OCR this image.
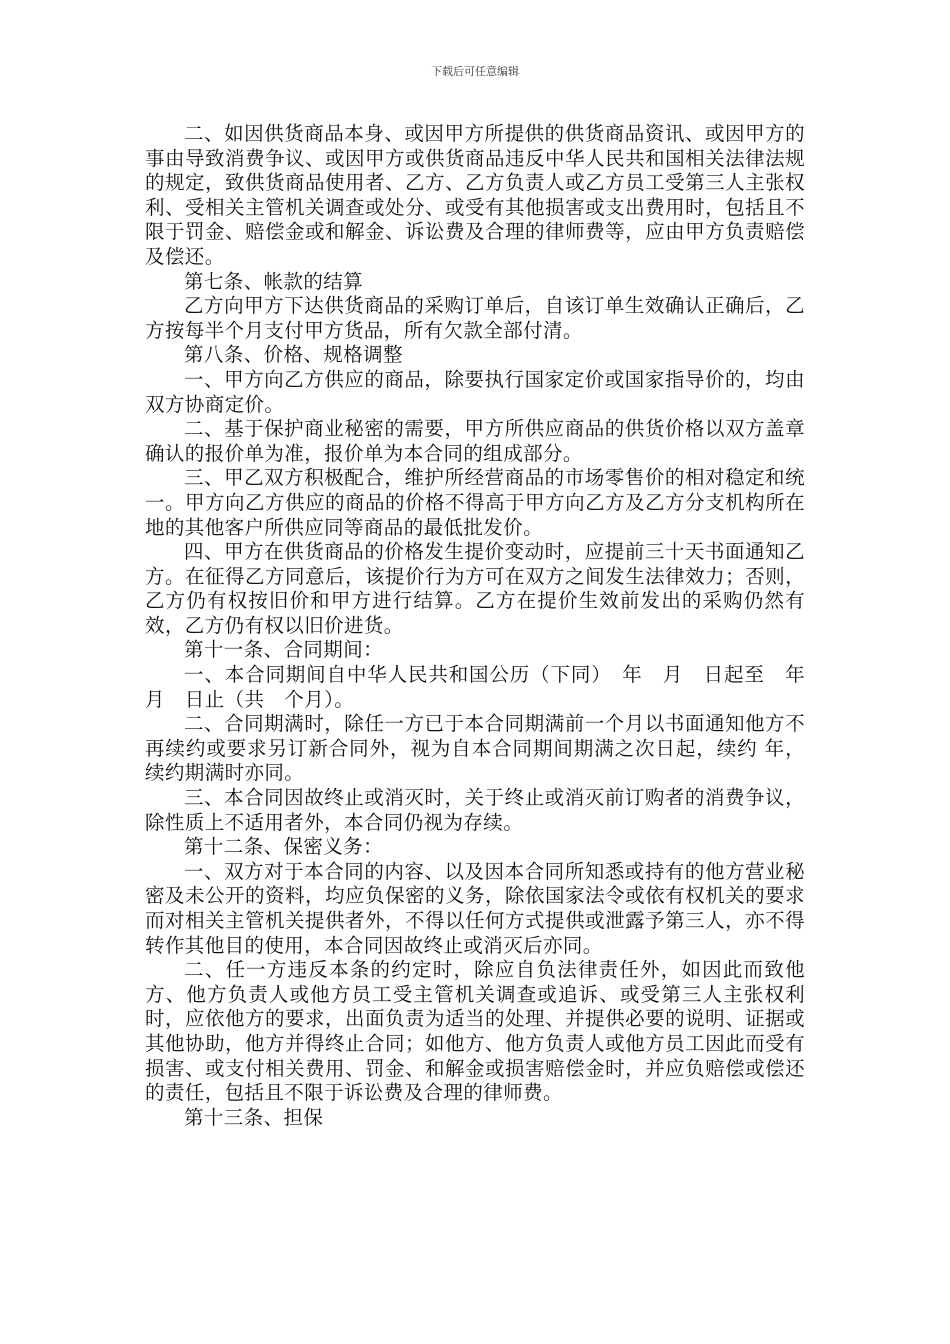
下载后可任意编辑

二、如因供货商品本身、或因甲方所提供的供货商品资讯、或因甲方的事由导致消费争议、或因甲方或供货商品违反中华人民共和国相关法律法规的规定，致供货商品使用者、乙方、乙方负责人或乙方员工受第三人主张权利、受相关主管机关调查或处分、或受有其他损害或支出费用时，包括且不限于罚金、赔偿金或和解金、诉讼费及合理的律师费等，应由甲方负责赔偿及偿还。

第七条、帐款的结算

乙方向甲方下达供货商品的采购订单后，自该订单生效确认正确后，乙方按每半个月支付甲方货品，所有欠款全部付清。

第八条、价格、规格调整

一、甲方向乙方供应的商品，除要执行国家定价或国家指导价的，均由双方协商定价。

二、基于保护商业秘密的需要，甲方所供应商品的供货价格以双方盖章确认的报价单为准，报价单为本合同的组成部分。

三、甲乙双方积极配合，维护所经营商品的市场零售价的相对稳定和统一。甲方向乙方供应的商品的价格不得高于甲方向乙方及乙方分支机构所在地的其他客户所供应同等商品的最低批发价。

四、甲方在供货商品的价格发生提价变动时，应提前三十天书面通知乙方。在征得乙方同意后，该提价行为方可在双方之间发生法律效力；否则，乙方仍有权按旧价和甲方进行结算。乙方在提价生效前发出的采购仍然有效，乙方仍有权以旧价进货。

第十一条、合同期间：

一、本合同期间自中华人民共和国公历（下同）　年　月　日起至　年　月　日止（共　个月）。

二、合同期满时，除任一方已于本合同期满前一个月以书面通知他方不再续约或要求另订新合同外，视为自本合同期间期满之次日起，续约 年，续约期满时亦同。

三、本合同因故终止或消灭时，关于终止或消灭前订购者的消费争议，除性质上不适用者外，本合同仍视为存续。

第十二条、保密义务：

一、双方对于本合同的内容、以及因本合同所知悉或持有的他方营业秘密及未公开的资料，均应负保密的义务，除依国家法令或依有权机关的要求而对相关主管机关提供者外，不得以任何方式提供或泄露予第三人，亦不得转作其他目的使用，本合同因故终止或消灭后亦同。

二、任一方违反本条的约定时，除应自负法律责任外，如因此而致他方、他方负责人或他方员工受主管机关调查或追诉、或受第三人主张权利时，应依他方的要求，出面负责为适当的处理、并提供必要的说明、证据或其他协助，他方并得终止合同；如他方、他方负责人或他方员工因此而受有损害、或支付相关费用、罚金、和解金或损害赔偿金时，并应负赔偿或偿还的责任，包括且不限于诉讼费及合理的律师费。

第十三条、担保
